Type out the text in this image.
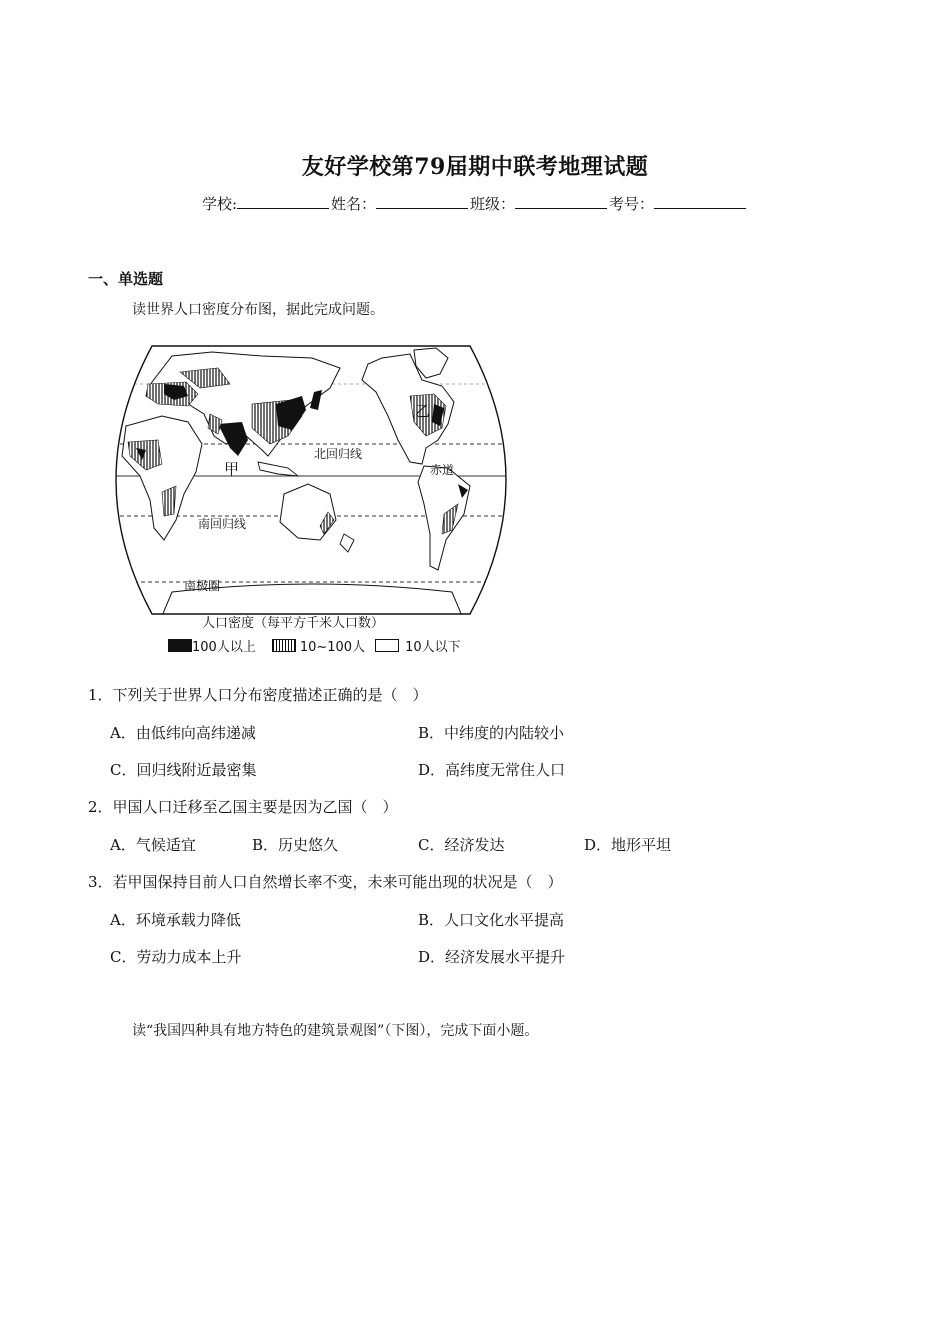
友好学校第79届期中联考地理试题
学校:	姓名：	班级：	考号：
一、单选题
读世界人口密度分布图，据此完成问题。
甲
乙
北回归线
赤道
南回归线
南极圈
人口密度（每平方千米人口数）
100人以上	10~100人	10人以下
1．下列关于世界人口分布密度描述正确的是（　）
A．由低纬向高纬递减	B．中纬度的内陆较小
C．回归线附近最密集	D．高纬度无常住人口
2．甲国人口迁移至乙国主要是因为乙国（　）
A．气候适宜	B．历史悠久	C．经济发达	D．地形平坦
3．若甲国保持目前人口自然增长率不变，未来可能出现的状况是（　）
A．环境承载力降低	B．人口文化水平提高
C．劳动力成本上升	D．经济发展水平提升
读“我国四种具有地方特色的建筑景观图”（下图），完成下面小题。
